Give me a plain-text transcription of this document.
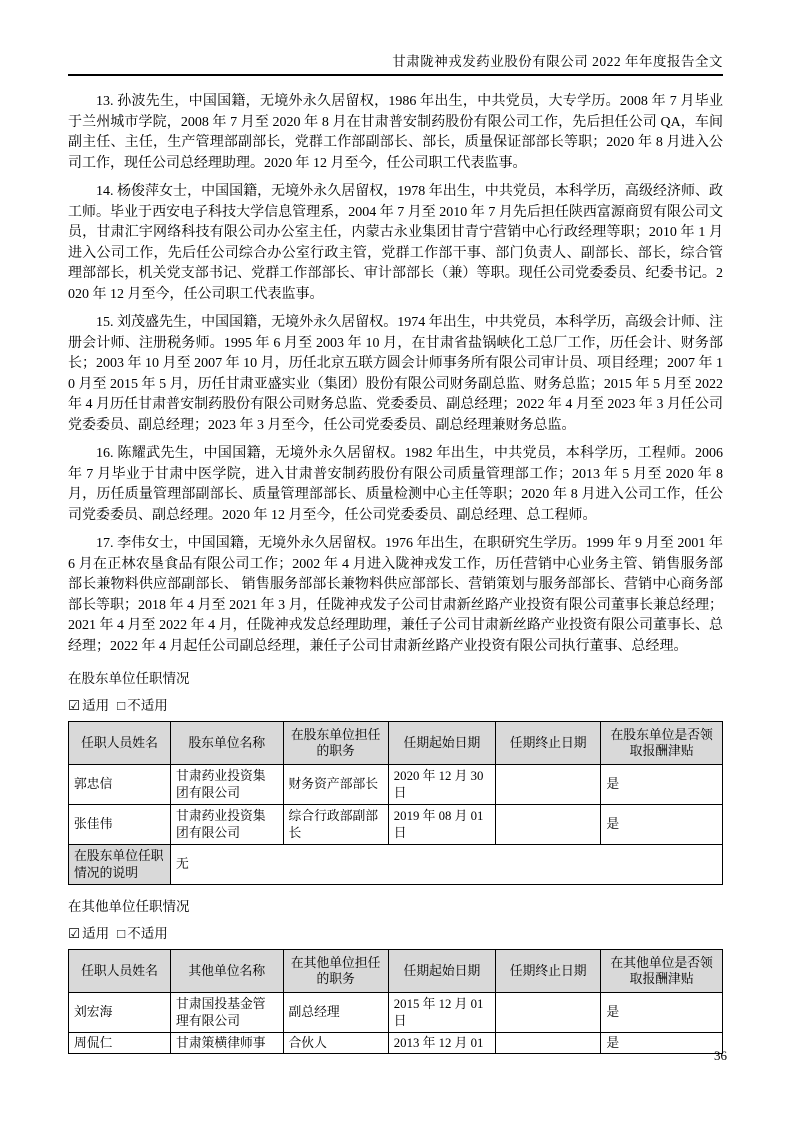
甘肃陇神戎发药业股份有限公司 2022 年年度报告全文

13. 孙波先生，中国国籍，无境外永久居留权，1986 年出生，中共党员，大专学历。2008 年 7 月毕业于兰州城市学院，2008 年 7 月至 2020 年 8 月在甘肃普安制药股份有限公司工作，先后担任公司 QA，车间副主任、主任，生产管理部副部长，党群工作部副部长、部长，质量保证部部长等职；2020 年 8 月进入公司工作，现任公司总经理助理。2020 年 12 月至今，任公司职工代表监事。

14. 杨俊萍女士，中国国籍，无境外永久居留权，1978 年出生，中共党员，本科学历，高级经济师、政工师。毕业于西安电子科技大学信息管理系，2004 年 7 月至 2010 年 7 月先后担任陕西富源商贸有限公司文员，甘肃汇宇网络科技有限公司办公室主任，内蒙古永业集团甘青宁营销中心行政经理等职；2010 年 1 月进入公司工作，先后任公司综合办公室行政主管，党群工作部干事、部门负责人、副部长、部长，综合管理部部长，机关党支部书记、党群工作部部长、审计部部长（兼）等职。现任公司党委委员、纪委书记。2020 年 12 月至今，任公司职工代表监事。

15. 刘茂盛先生，中国国籍，无境外永久居留权。1974 年出生，中共党员，本科学历，高级会计师、注册会计师、注册税务师。1995 年 6 月至 2003 年 10 月，在甘肃省盐锅峡化工总厂工作，历任会计、财务部长；2003 年 10 月至 2007 年 10 月，历任北京五联方圆会计师事务所有限公司审计员、项目经理；2007 年 10 月至 2015 年 5 月，历任甘肃亚盛实业（集团）股份有限公司财务副总监、财务总监；2015 年 5 月至 2022 年 4 月历任甘肃普安制药股份有限公司财务总监、党委委员、副总经理；2022 年 4 月至 2023 年 3 月任公司党委委员、副总经理；2023 年 3 月至今，任公司党委委员、副总经理兼财务总监。

16. 陈耀武先生，中国国籍，无境外永久居留权。1982 年出生，中共党员，本科学历，工程师。2006 年 7 月毕业于甘肃中医学院，进入甘肃普安制药股份有限公司质量管理部工作；2013 年 5 月至 2020 年 8 月，历任质量管理部副部长、质量管理部部长、质量检测中心主任等职；2020 年 8 月进入公司工作，任公司党委委员、副总经理。2020 年 12 月至今，任公司党委委员、副总经理、总工程师。

17. 李伟女士，中国国籍，无境外永久居留权。1976 年出生，在职研究生学历。1999 年 9 月至 2001 年 6 月在正林农垦食品有限公司工作；2002 年 4 月进入陇神戎发工作，历任营销中心业务主管、销售服务部部长兼物料供应部副部长、 销售服务部部长兼物料供应部部长、营销策划与服务部部长、营销中心商务部部长等职；2018 年 4 月至 2021 年 3 月，任陇神戎发子公司甘肃新丝路产业投资有限公司董事长兼总经理；2021 年 4 月至 2022 年 4 月，任陇神戎发总经理助理，兼任子公司甘肃新丝路产业投资有限公司董事长、总经理；2022 年 4 月起任公司副总经理，兼任子公司甘肃新丝路产业投资有限公司执行董事、总经理。

在股东单位任职情况
☑ 适用 □ 不适用
任职人员姓名	股东单位名称	在股东单位担任的职务	任期起始日期	任期终止日期	在股东单位是否领取报酬津贴
郭忠信	甘肃药业投资集团有限公司	财务资产部部长	2020 年 12 月 30 日		是
张佳伟	甘肃药业投资集团有限公司	综合行政部副部长	2019 年 08 月 01 日		是
在股东单位任职情况的说明	无				
在其他单位任职情况
☑ 适用 □ 不适用
任职人员姓名	其他单位名称	在其他单位担任的职务	任期起始日期	任期终止日期	在其他单位是否领取报酬津贴
刘宏海	甘肃国投基金管理有限公司	副总经理	2015 年 12 月 01 日		是
周侃仁	甘肃策横律师事	合伙人	2013 年 12 月 01		是
36
